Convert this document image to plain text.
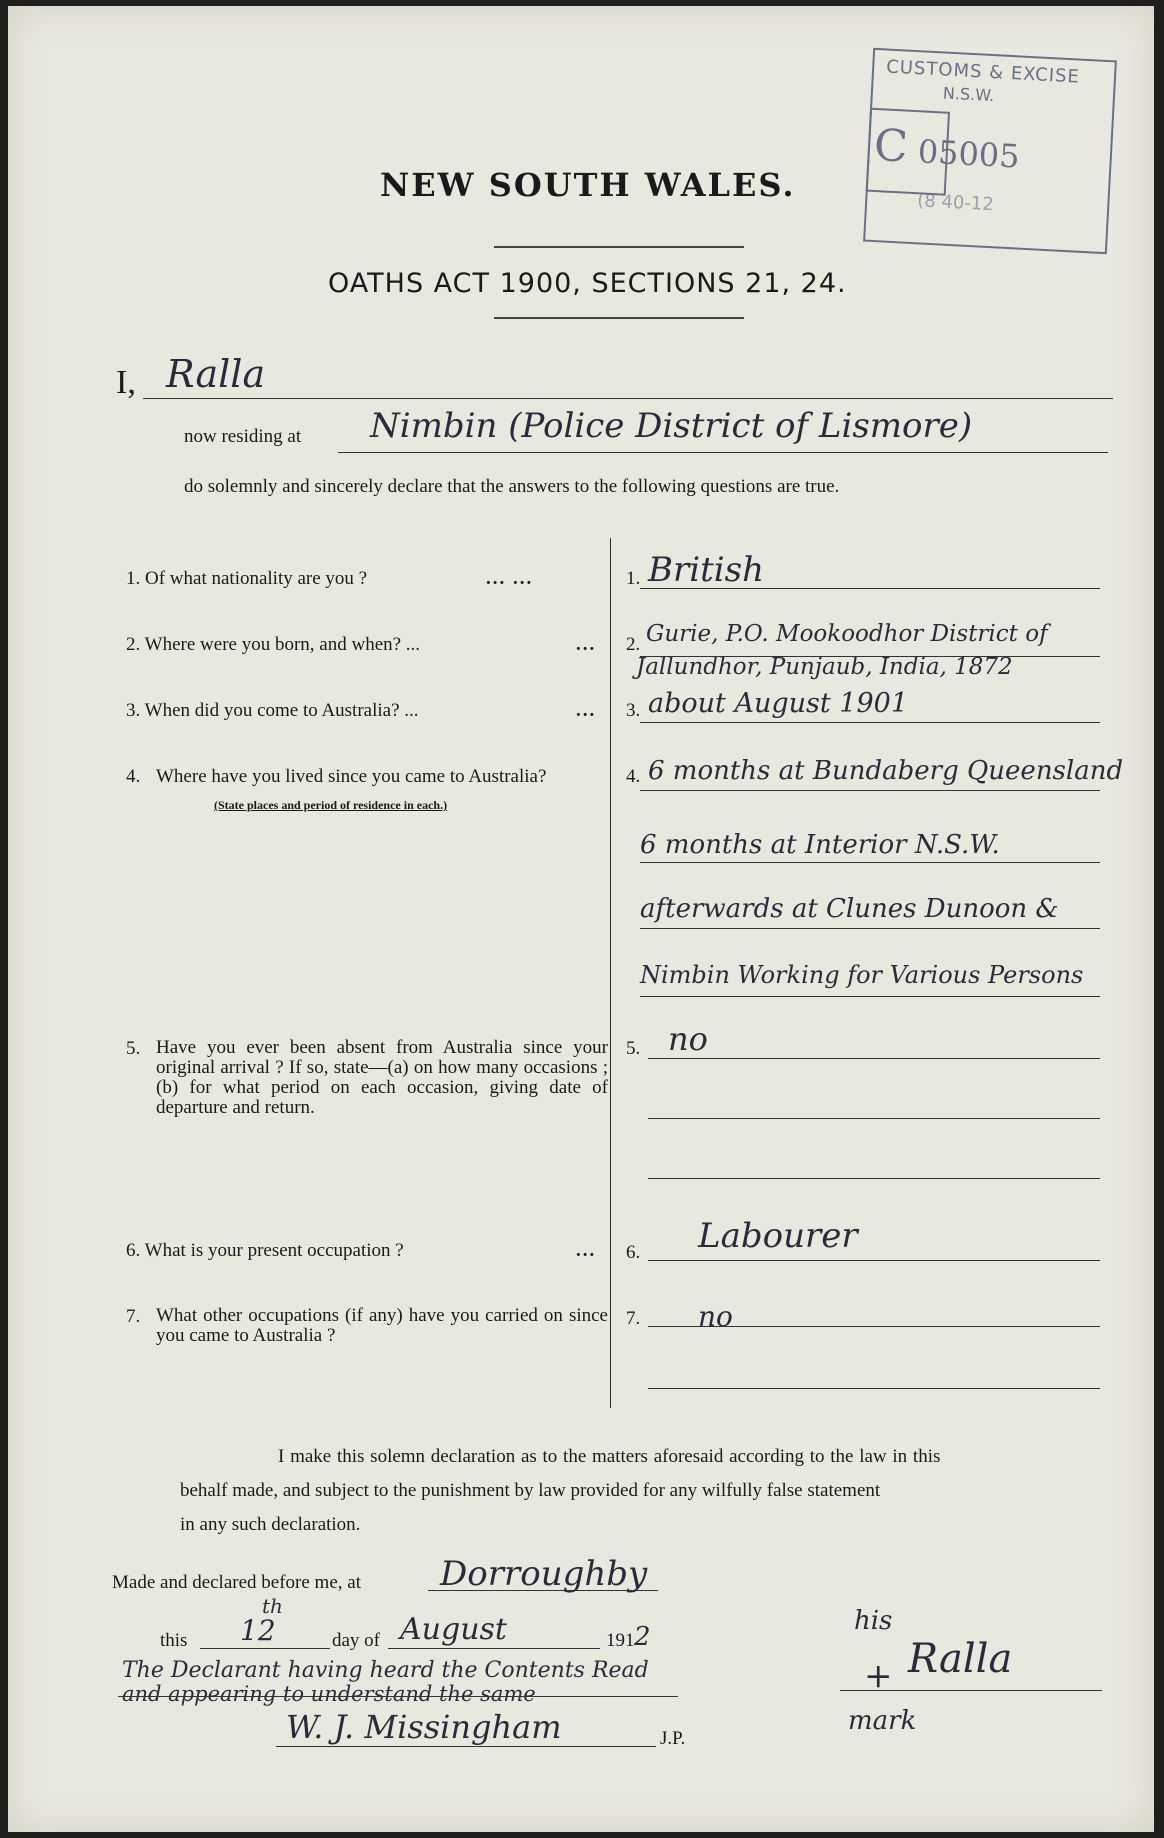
NEW SOUTH WALES.
CUSTOMS & EXCISE
N.S.W.
C 05005
(8 40-12
OATHS ACT 1900, SECTIONS 21, 24.
I, Ralla
now residing at Nimbin (Police District of Lismore)
do solemnly and sincerely declare that the answers to the following questions are true.
1. Of what nationality are you ?	... ...
2. Where were you born, and when? ...	...
3. When did you come to Australia? ...	...
4. Where have you lived since you came to Australia?
(State places and period of residence in each.)
5. Have you ever been absent from Australia since your original arrival ? If so, state—(a) on how many occasions ; (b) for what period on each occasion, giving date of departure and return.
6. What is your present occupation ?	...
7. What other occupations (if any) have you carried on since you came to Australia ?
1. British
2. Gurie, P.O. Mookoodhor District of
Jallundhor, Punjaub, India, 1872
3. about August 1901
4. 6 months at Bundaberg Queensland
6 months at Interior N.S.W.
afterwards at Clunes Dunoon &
Nimbin Working for Various Persons
5. no
6. Labourer
7. no
I make this solemn declaration as to the matters aforesaid according to the law in this
behalf made, and subject to the punishment by law provided for any wilfully false statement
in any such declaration.
Made and declared before me, at Dorroughby
this 12
th
day of August	191 2
The Declarant having heard the Contents Read
and appearing to understand the same
W. J. Missingham	J.P.
his
+ Ralla
mark
